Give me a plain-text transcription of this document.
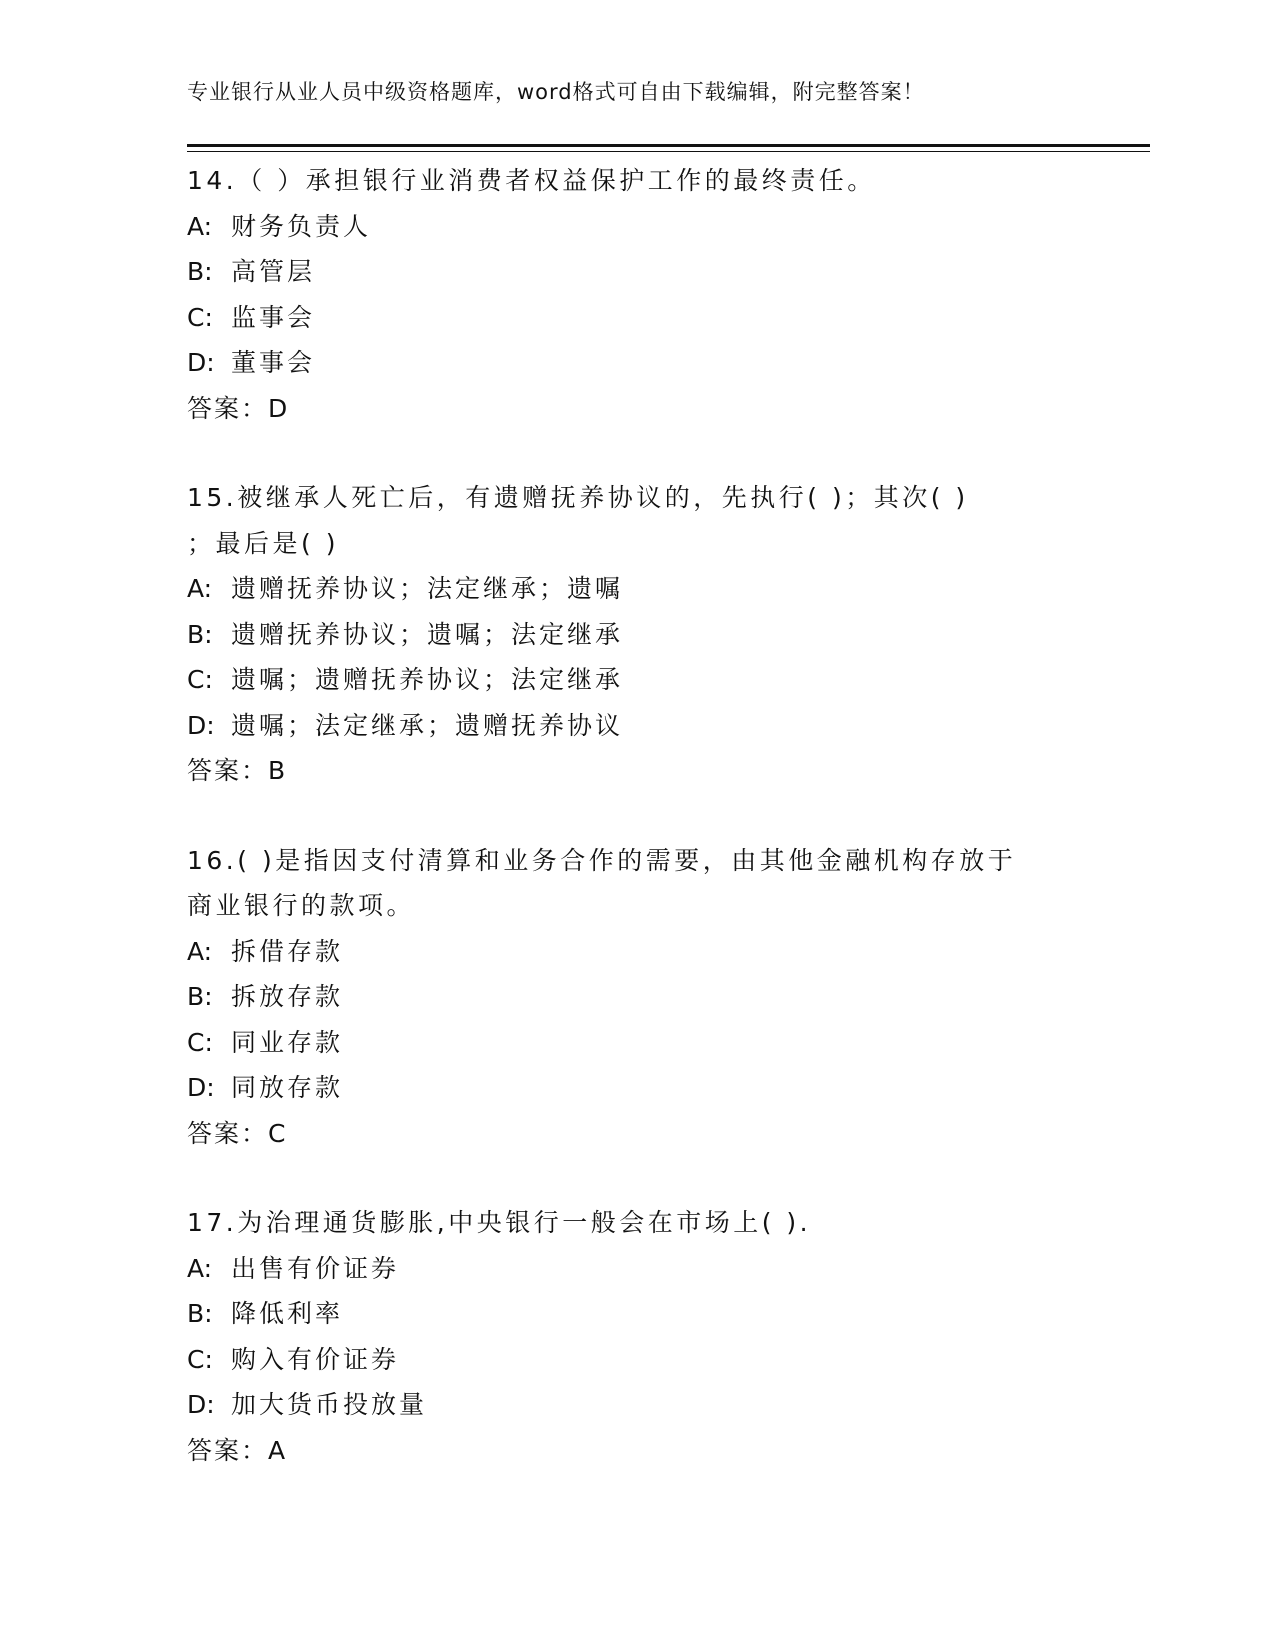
专业银行从业人员中级资格题库，word格式可自由下载编辑，附完整答案！
14.（ ）承担银行业消费者权益保护工作的最终责任。
A: 财务负责人
B: 高管层
C: 监事会
D: 董事会
答案：D
15.被继承人死亡后，有遗赠抚养协议的，先执行( )；其次( )
；最后是( )
A: 遗赠抚养协议；法定继承；遗嘱
B: 遗赠抚养协议；遗嘱；法定继承
C: 遗嘱；遗赠抚养协议；法定继承
D: 遗嘱；法定继承；遗赠抚养协议
答案：B
16.( )是指因支付清算和业务合作的需要，由其他金融机构存放于
商业银行的款项。
A: 拆借存款
B: 拆放存款
C: 同业存款
D: 同放存款
答案：C
17.为治理通货膨胀,中央银行一般会在市场上( ).
A: 出售有价证券
B: 降低利率
C: 购入有价证券
D: 加大货币投放量
答案：A
